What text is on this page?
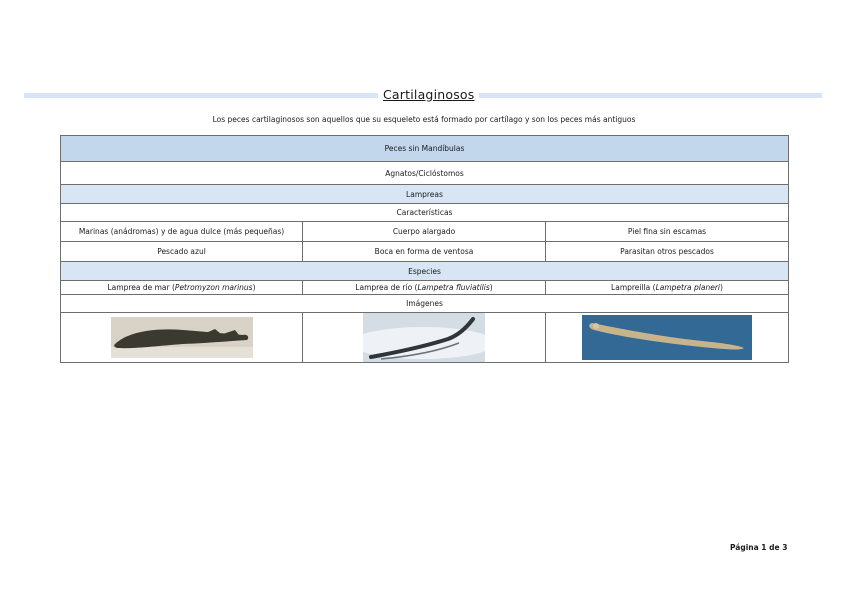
Cartilaginosos
Los peces cartilaginosos son aquellos que su esqueleto está formado por cartílago y son los peces más antiguos
Peces sin Mandíbulas		
Agnatos/Ciclóstomos		
Lampreas		
Características		
Marinas (anádromas) y de agua dulce (más pequeñas)	Cuerpo alargado	Piel fina sin escamas
Pescado azul	Boca en forma de ventosa	Parasitan otros pescados
Especies		
Lamprea de mar (Petromyzon marinus)	Lamprea de río (Lampetra fluviatilis)	Lampreilla (Lampetra planeri)
Imágenes		

Página 1 de 3
